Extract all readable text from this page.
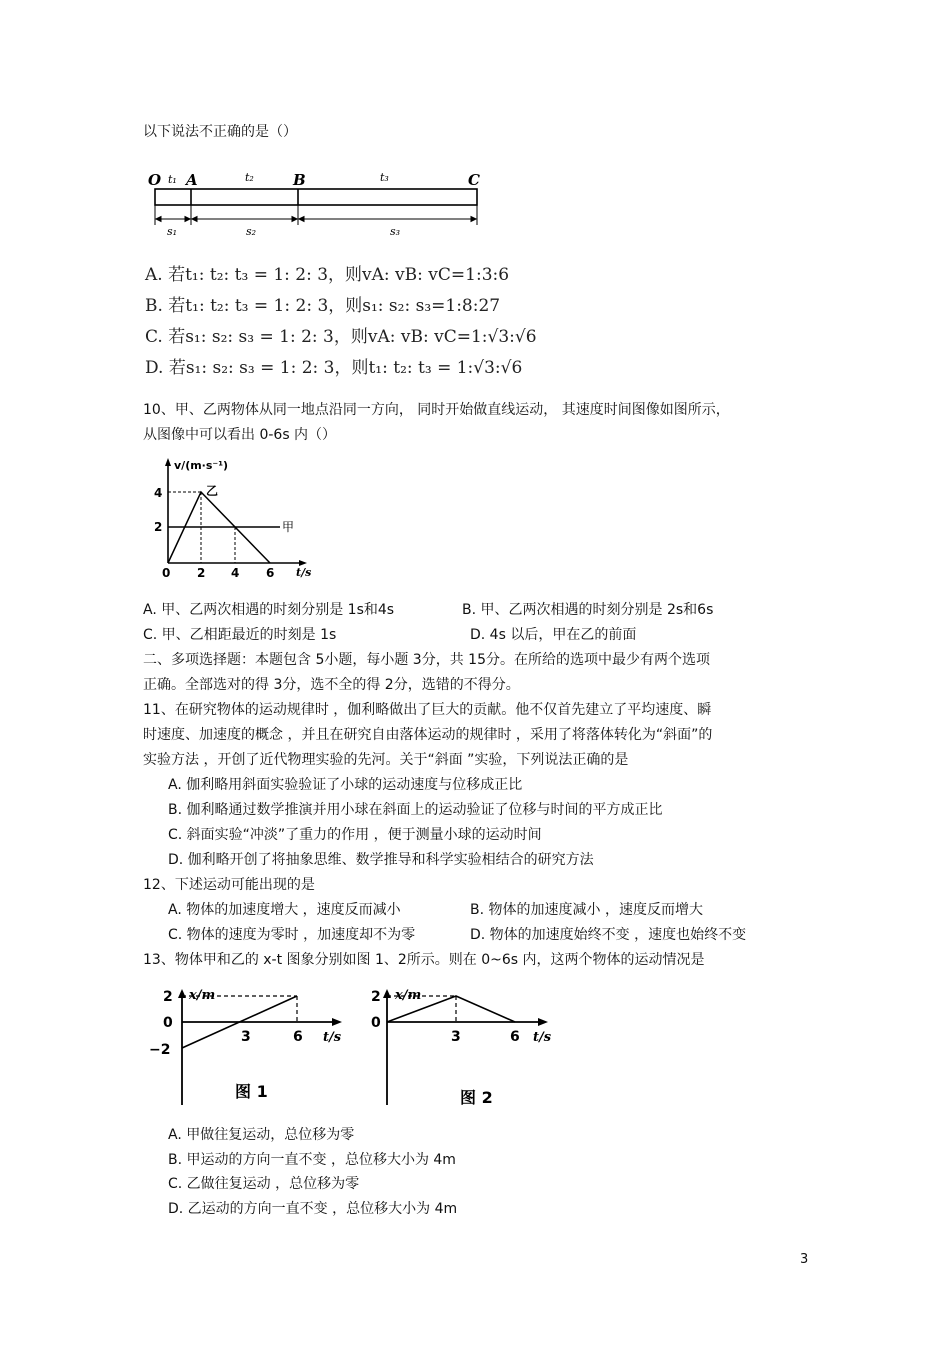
以下说法不正确的是（）
O A	B	C
t₁	t₂	t₃
s₁	s₂	s₃
A. 若t₁: t₂: t₃ = 1: 2: 3，则vA: vB: vC=1:3:6
B. 若t₁: t₂: t₃ = 1: 2: 3，则s₁: s₂: s₃=1:8:27
C. 若s₁: s₂: s₃ = 1: 2: 3，则vA: vB: vC=1:√3:√6
D. 若s₁: s₂: s₃ = 1: 2: 3，则t₁: t₂: t₃ = 1:√3:√6
10、甲、乙两物体从同一地点沿同一方向， 同时开始做直线运动， 其速度时间图像如图所示，
从图像中可以看出 0-6s 内（）
v/(m·s⁻¹)
t/s
4
2
0 2 4 6
甲
乙
A. 甲、乙两次相遇的时刻分别是 1s和4s	B. 甲、乙两次相遇的时刻分别是 2s和6s
C. 甲、乙相距最近的时刻是 1s	D. 4s 以后，甲在乙的前面
二、多项选择题：本题包含 5小题，每小题 3分，共 15分。在所给的选项中最少有两个选项
正确。全部选对的得 3分，选不全的得 2分，选错的不得分。
11、在研究物体的运动规律时 ，伽利略做出了巨大的贡献。他不仅首先建立了平均速度、瞬
时速度、加速度的概念 ，并且在研究自由落体运动的规律时 ，采用了将落体转化为“斜面”的
实验方法 ，开创了近代物理实验的先河。关于“斜面 ”实验，下列说法正确的是
A. 伽利略用斜面实验验证了小球的运动速度与位移成正比
B. 伽利略通过数学推演并用小球在斜面上的运动验证了位移与时间的平方成正比
C. 斜面实验“冲淡”了重力的作用 ，便于测量小球的运动时间
D. 伽利略开创了将抽象思维、数学推导和科学实验相结合的研究方法
12、下述运动可能出现的是
A. 物体的加速度增大 ，速度反而减小	B. 物体的加速度减小 ，速度反而增大
C. 物体的速度为零时 ，加速度却不为零	D. 物体的加速度始终不变 ，速度也始终不变
13、物体甲和乙的 x-t 图象分别如图 1、2所示。则在 0~6s 内，这两个物体的运动情况是
x/m
t/s
2
0
−2
3	6
图 1
x/m
t/s
2
0
3	6
图 2
A. 甲做往复运动，总位移为零
B. 甲运动的方向一直不变 ，总位移大小为 4m
C. 乙做往复运动 ，总位移为零
D. 乙运动的方向一直不变 ，总位移大小为 4m
3
